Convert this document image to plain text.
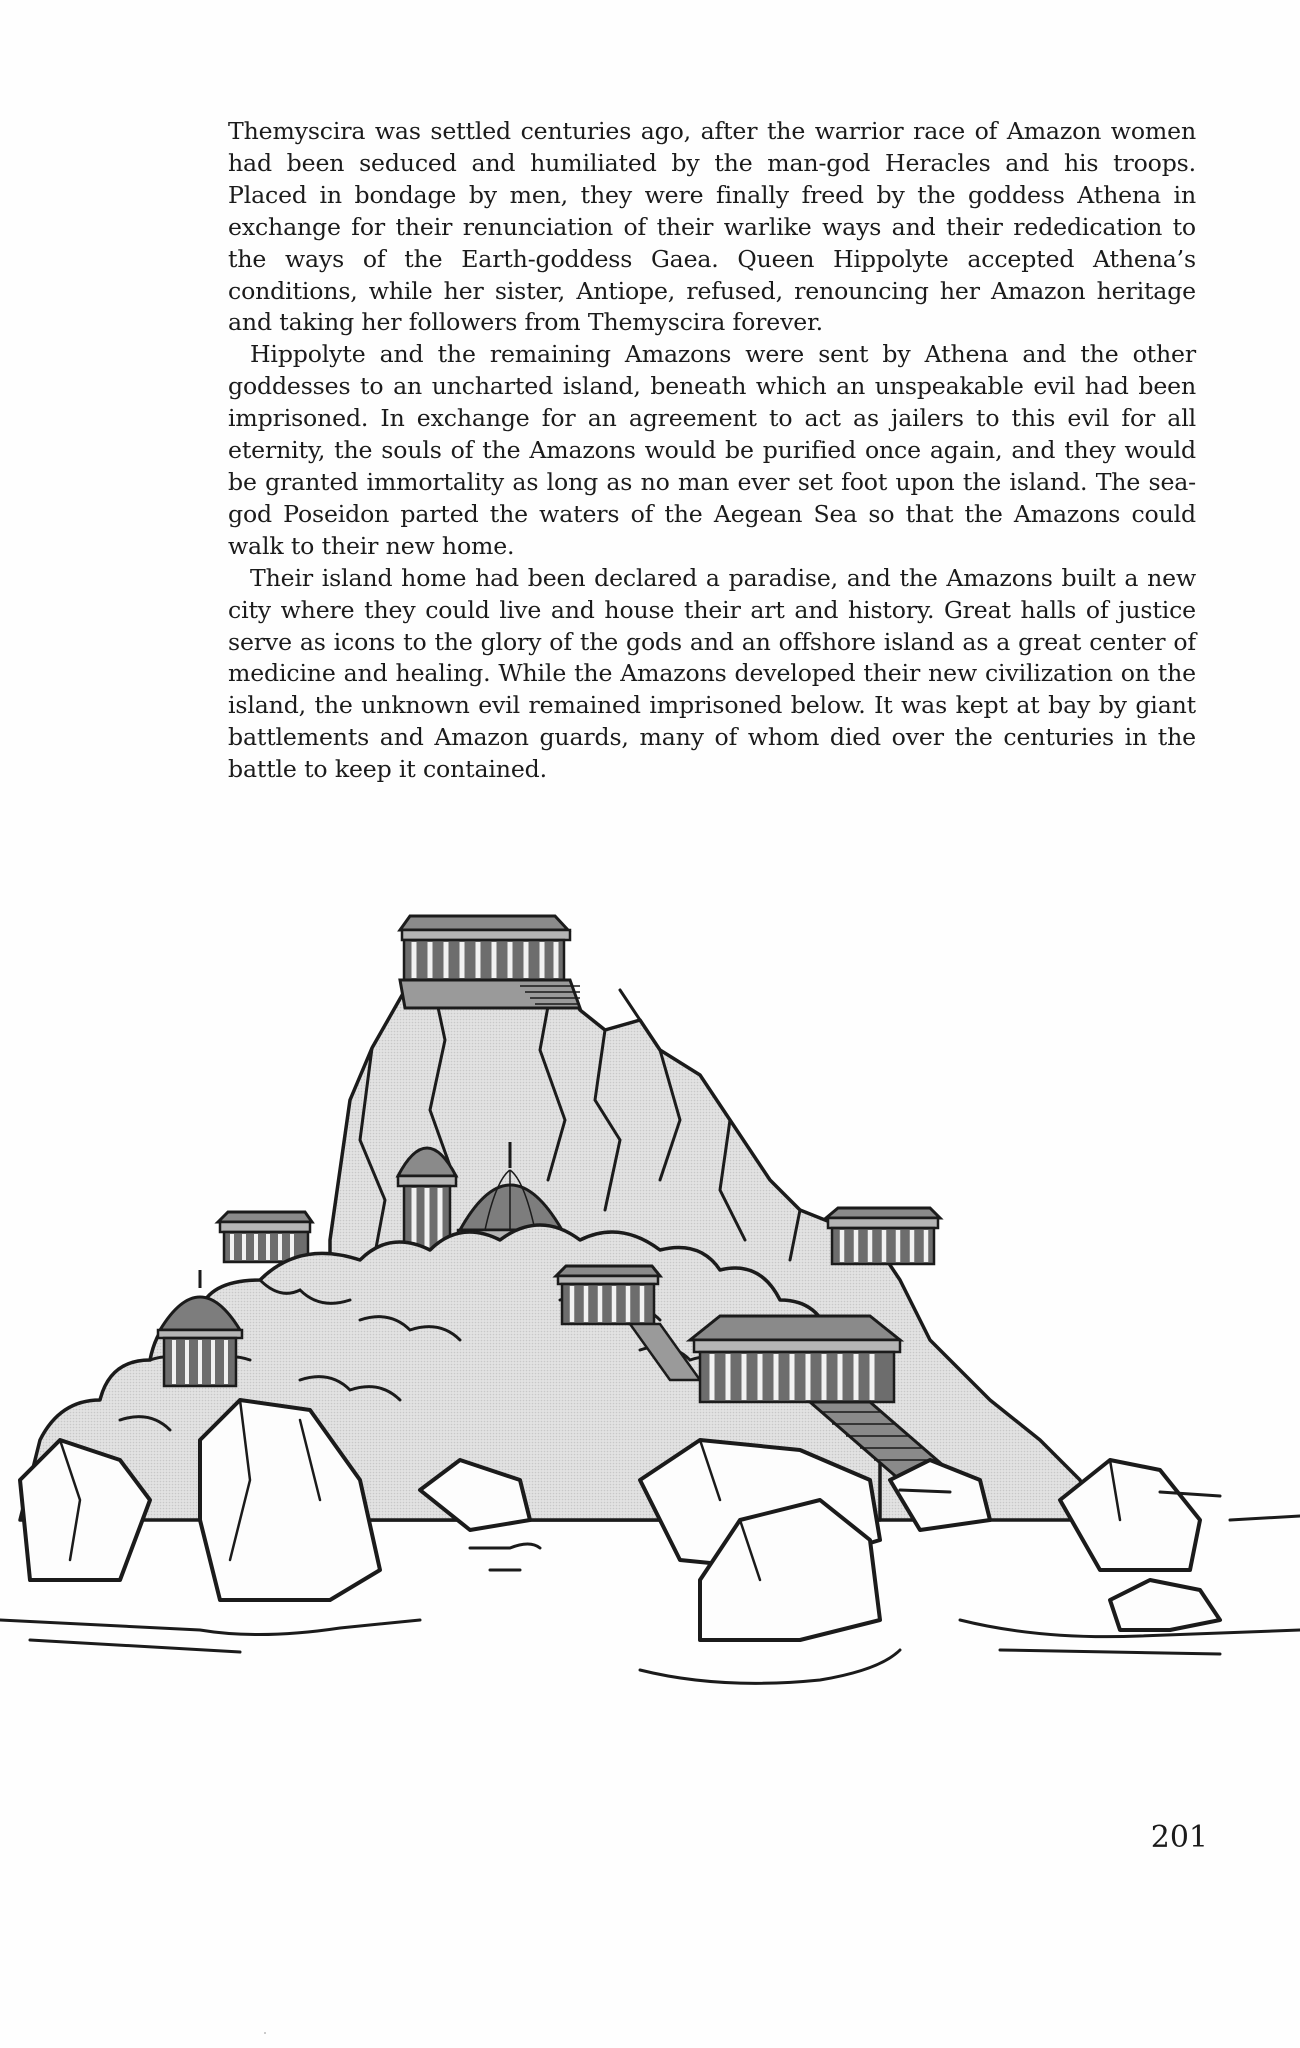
Themyscira was settled centuries ago, after the warrior race of Amazon women had been seduced and humiliated by the man-god Heracles and his troops. Placed in bondage by men, they were finally freed by the goddess Athena in exchange for their renunciation of their warlike ways and their rededication to the ways of the Earth-goddess Gaea. Queen Hippolyte accepted Athena’s conditions, while her sister, Antiope, refused, renouncing her Amazon heritage and taking her followers from Themyscira forever.

Hippolyte and the remaining Amazons were sent by Athena and the other goddesses to an uncharted island, beneath which an unspeakable evil had been imprisoned. In exchange for an agreement to act as jailers to this evil for all eternity, the souls of the Amazons would be purified once again, and they would be granted immortality as long as no man ever set foot upon the island. The sea-god Poseidon parted the waters of the Aegean Sea so that the Amazons could walk to their new home.

Their island home had been declared a paradise, and the Amazons built a new city where they could live and house their art and history. Great halls of justice serve as icons to the glory of the gods and an offshore island as a great center of medicine and healing. While the Amazons developed their new civilization on the island, the unknown evil remained imprisoned below. It was kept at bay by giant battlements and Amazon guards, many of whom died over the centuries in the battle to keep it contained.

201
